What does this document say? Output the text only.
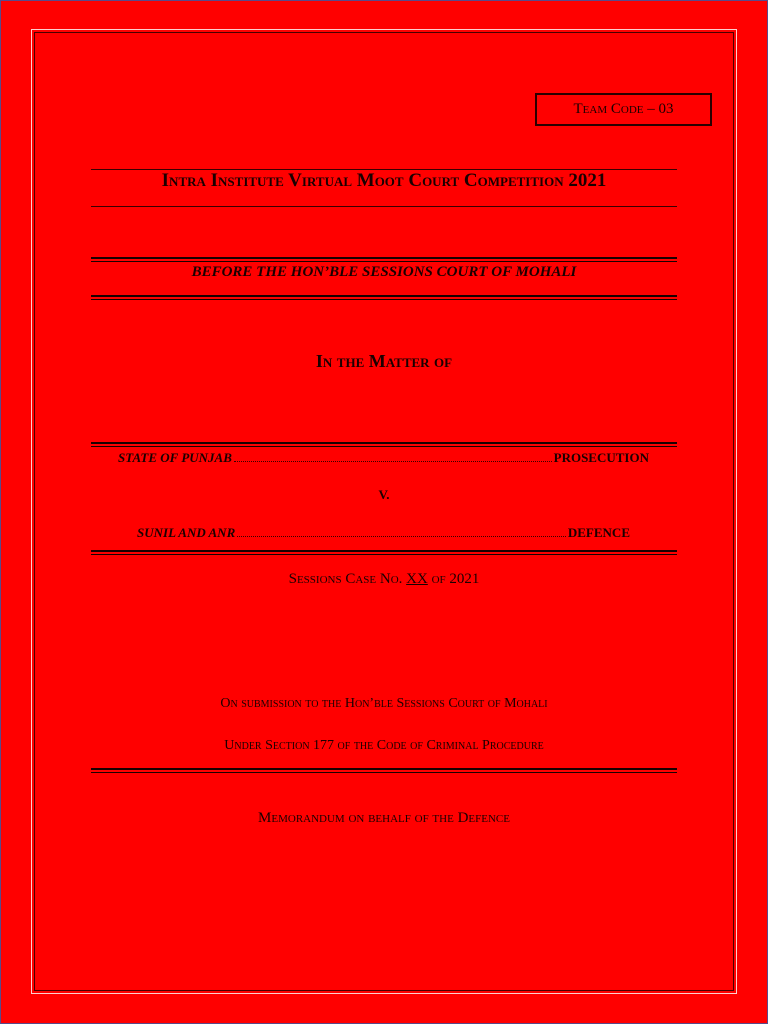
Team Code – 03
Intra Institute Virtual Moot Court Competition 2021
BEFORE THE HON’BLE SESSIONS COURT OF MOHALI
In the Matter of
STATE OF PUNJAB	PROSECUTION
V.
SUNIL AND ANR	DEFENCE
Sessions Case No. XX of 2021
On submission to the Hon’ble Sessions Court of Mohali
Under Section 177 of the Code of Criminal Procedure
Memorandum on behalf of the Defence
